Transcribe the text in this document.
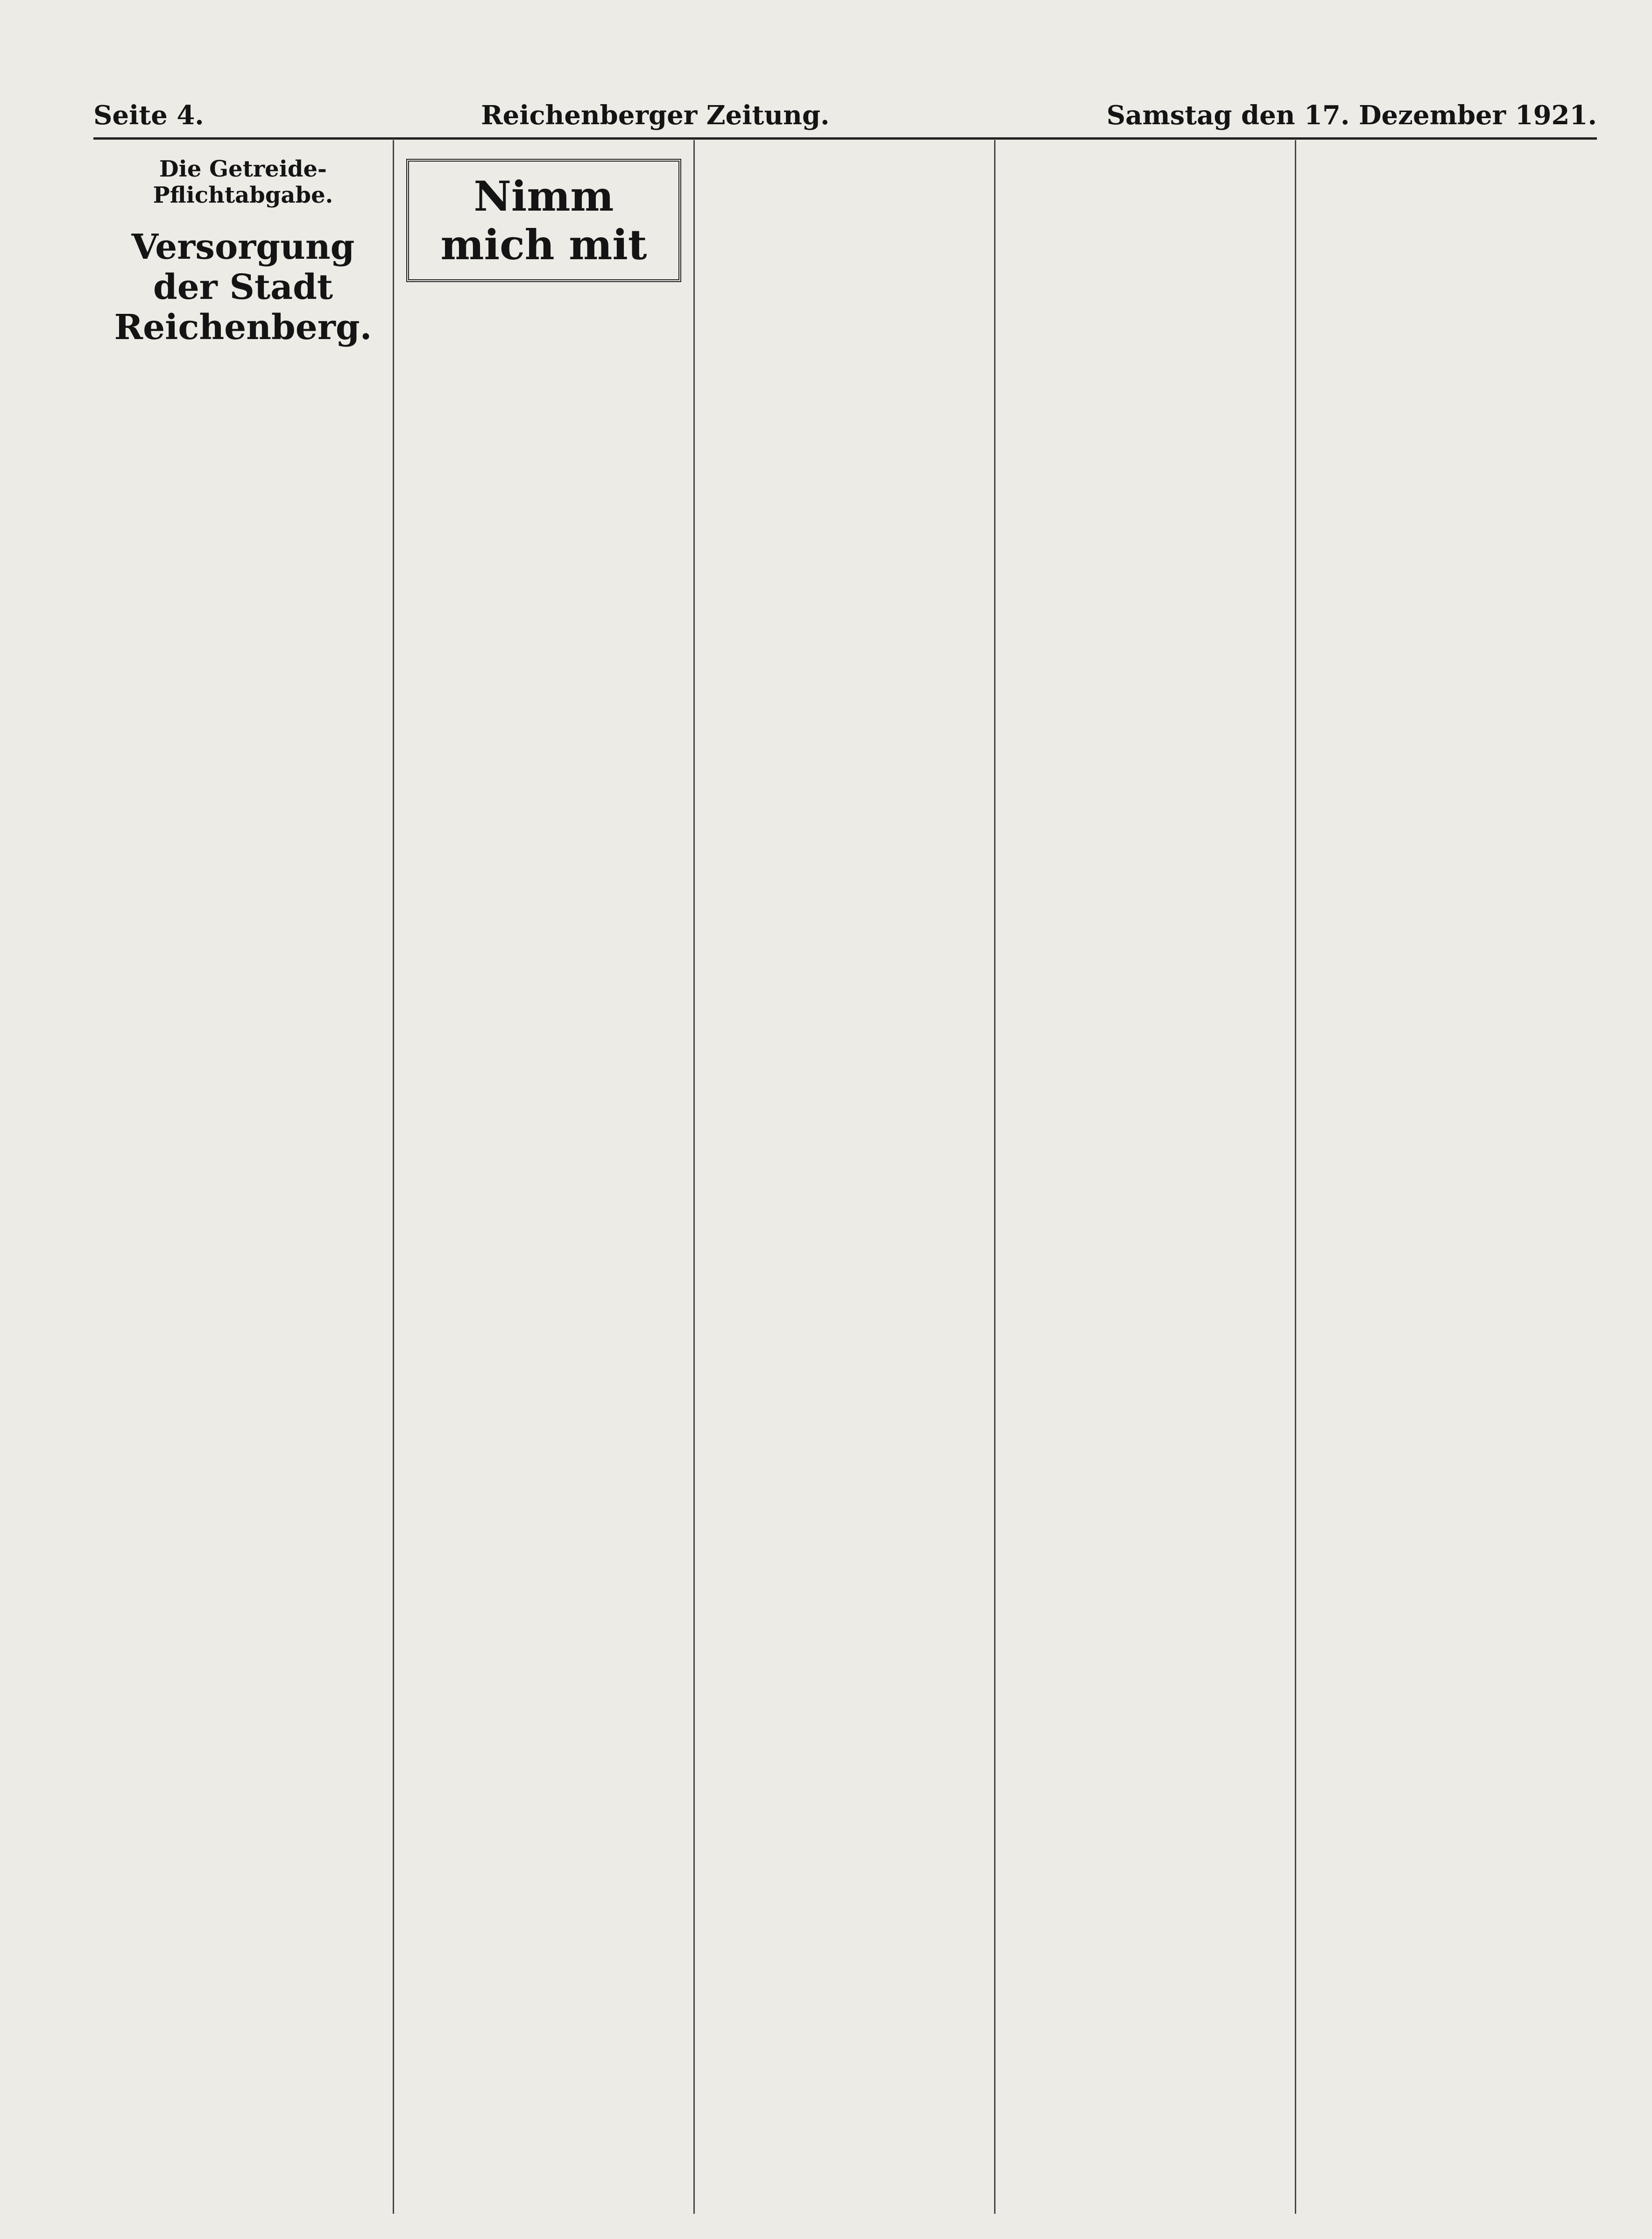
Seite 4.	Reichenberger Zeitung.	Samstag den 17. Dezember 1921.
Die Getreide-Pflichtabgabe.
Versorgung der Stadt Reichenberg.
Nimm mich mit
